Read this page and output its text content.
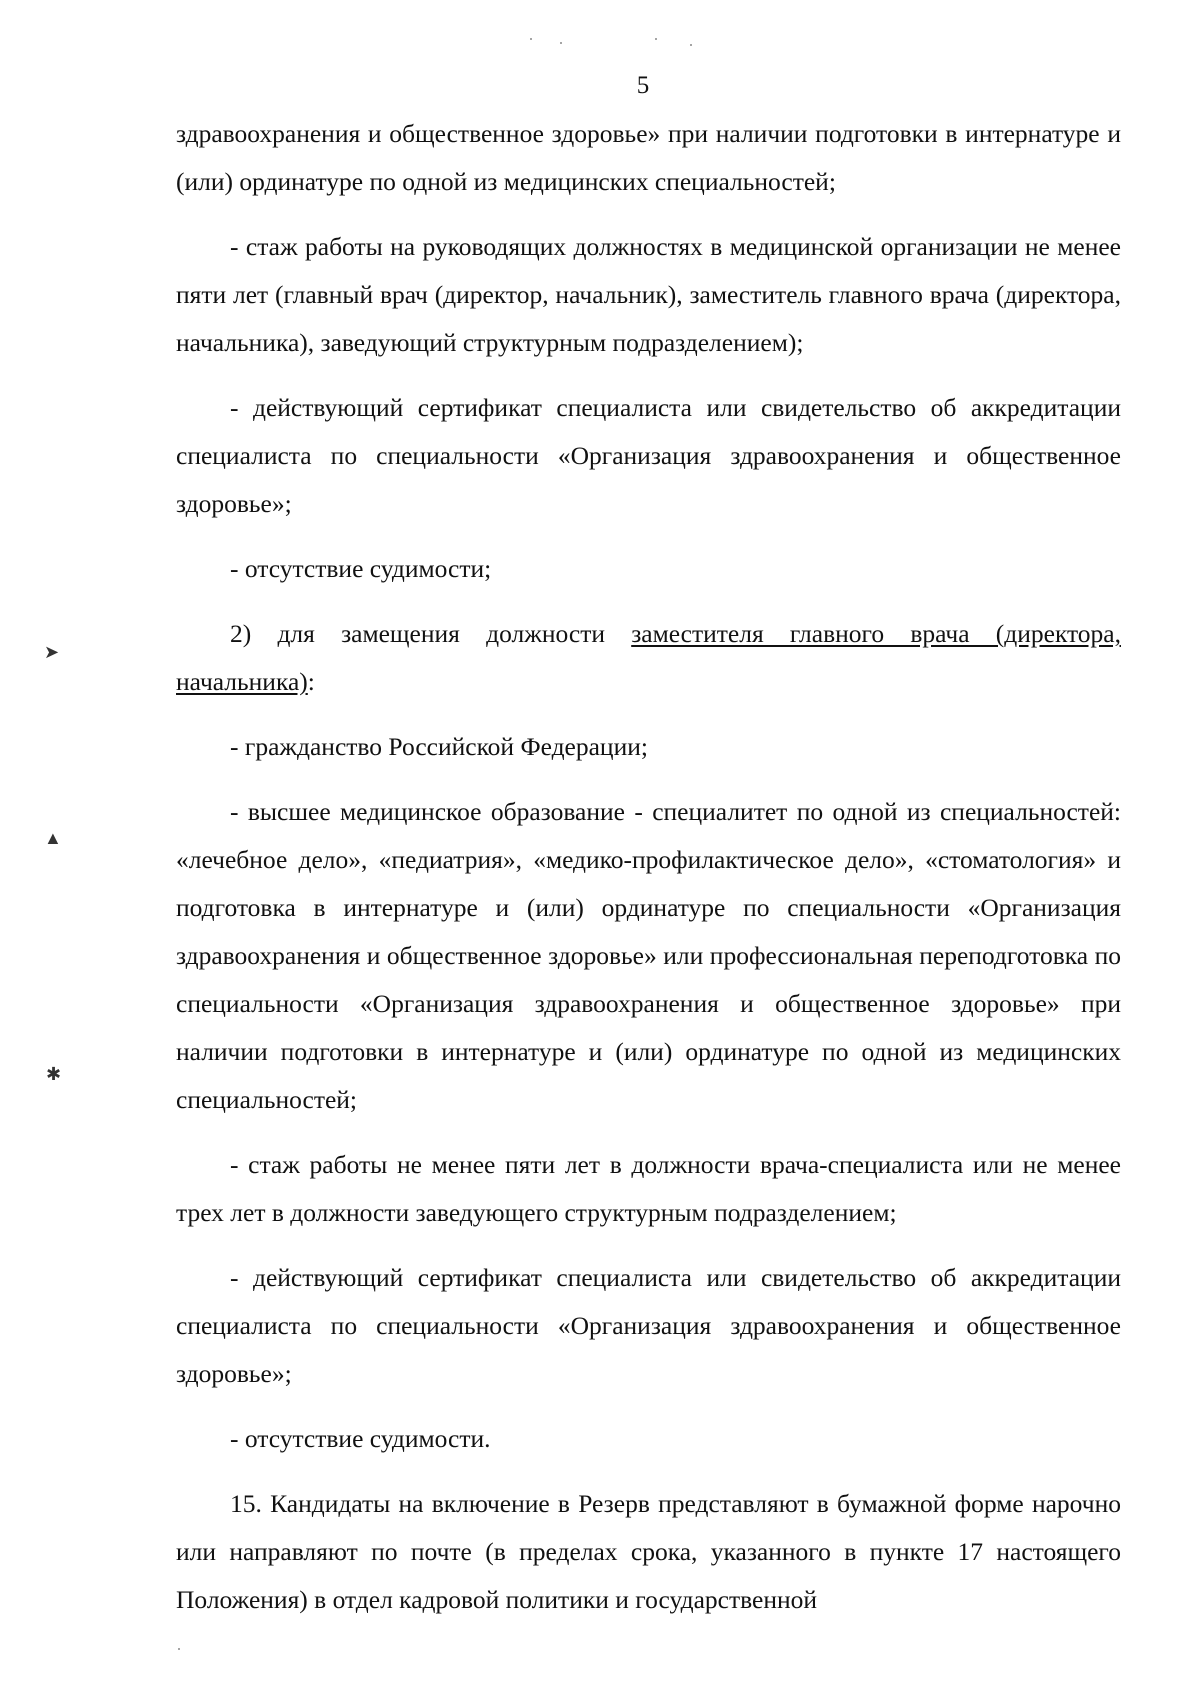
5

здравоохранения и общественное здоровье» при наличии подготовки в интернатуре и (или) ординатуре по одной из медицинских специальностей;

- стаж работы на руководящих должностях в медицинской организации не менее пяти лет (главный врач (директор, начальник), заместитель главного врача (директора, начальника), заведующий структурным подразделением);

- действующий сертификат специалиста или свидетельство об аккредитации специалиста по специальности «Организация здравоохранения и общественное здоровье»;

- отсутствие судимости;

2) для замещения должности заместителя главного врача (директора, начальника):

- гражданство Российской Федерации;

- высшее медицинское образование - специалитет по одной из специальностей: «лечебное дело», «педиатрия», «медико-профилактическое дело», «стоматология» и подготовка в интернатуре и (или) ординатуре по специальности «Организация здравоохранения и общественное здоровье» или профессиональная переподготовка по специальности «Организация здравоохранения и общественное здоровье» при наличии подготовки в интернатуре и (или) ординатуре по одной из медицинских специальностей;

- стаж работы не менее пяти лет в должности врача-специалиста или не менее трех лет в должности заведующего структурным подразделением;

- действующий сертификат специалиста или свидетельство об аккредитации специалиста по специальности «Организация здравоохранения и общественное здоровье»;

- отсутствие судимости.

15. Кандидаты на включение в Резерв представляют в бумажной форме нарочно или направляют по почте (в пределах срока, указанного в пункте 17 настоящего Положения) в отдел кадровой политики и государственной

➤
▲
✱
